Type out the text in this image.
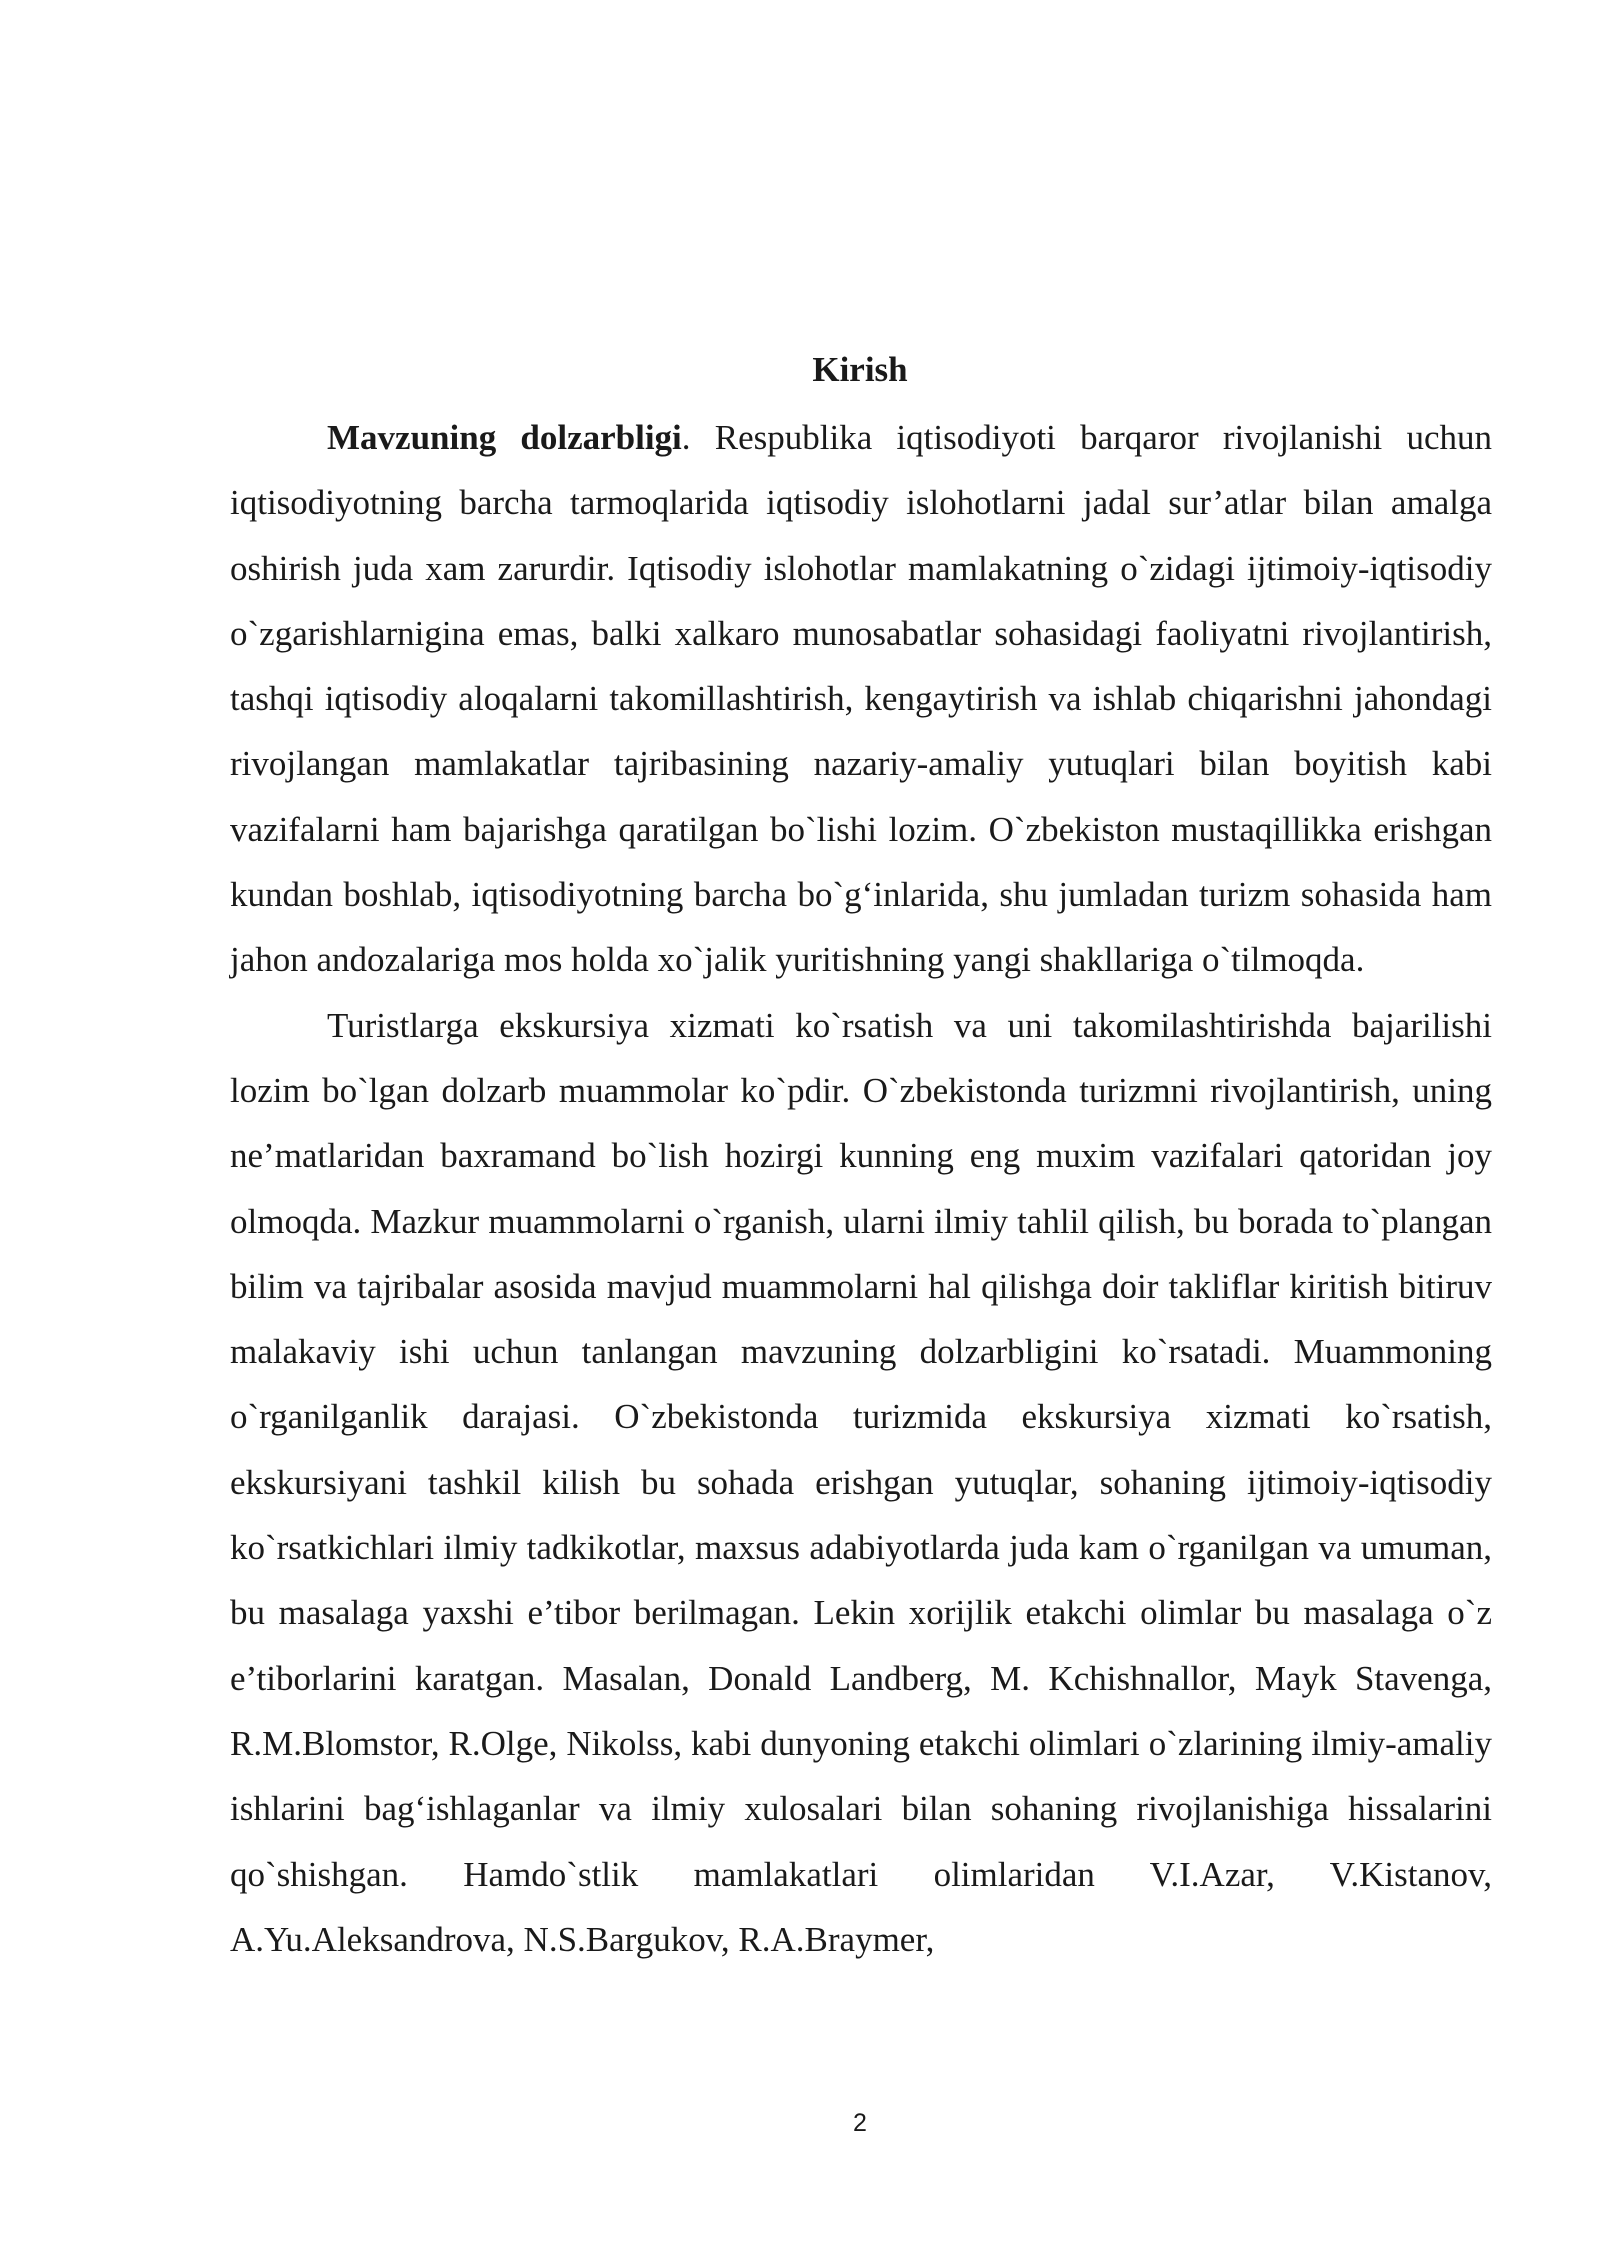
Kirish

Mavzuning dolzarbligi. Respublika iqtisodiyoti barqaror rivojlanishi uchun iqtisodiyotning barcha tarmoqlarida iqtisodiy islohotlarni jadal sur’atlar bilan amalga oshirish juda xam zarurdir. Iqtisodiy islohotlar mamlakatning o`zidagi ijtimoiy-iqtisodiy o`zgarishlarnigina emas, balki xalkaro munosabatlar sohasidagi faoliyatni rivojlantirish, tashqi iqtisodiy aloqalarni takomillashtirish, kengaytirish va ishlab chiqarishni jahondagi rivojlangan mamlakatlar tajribasining nazariy-amaliy yutuqlari bilan boyitish kabi vazifalarni ham bajarishga qaratilgan bo`lishi lozim. O`zbekiston mustaqillikka erishgan kundan boshlab, iqtisodiyotning barcha bo`g‘inlarida, shu jumladan turizm sohasida ham jahon andozalariga mos holda xo`jalik yuritishning yangi shakllariga o`tilmoqda.

Turistlarga ekskursiya xizmati ko`rsatish va uni takomilashtirishda bajarilishi lozim bo`lgan dolzarb muammolar ko`pdir. O`zbekistonda turizmni rivojlantirish, uning ne’matlaridan baxramand bo`lish hozirgi kunning eng muxim vazifalari qatoridan joy olmoqda. Mazkur muammolarni o`rganish, ularni ilmiy tahlil qilish, bu borada to`plangan bilim va tajribalar asosida mavjud muammolarni hal qilishga doir takliflar kiritish bitiruv malakaviy ishi uchun tanlangan mavzuning dolzarbligini ko`rsatadi. Muammoning o`rganilganlik darajasi. O`zbekistonda turizmida ekskursiya xizmati ko`rsatish, ekskursiyani tashkil kilish bu sohada erishgan yutuqlar, sohaning ijtimoiy-iqtisodiy ko`rsatkichlari ilmiy tadkikotlar, maxsus adabiyotlarda juda kam o`rganilgan va umuman, bu masalaga yaxshi e’tibor berilmagan. Lekin xorijlik etakchi olimlar bu masalaga o`z e’tiborlarini karatgan. Masalan, Donald Landberg, M. Kchishnallor, Mayk Stavenga, R.M.Blomstor, R.Olge, Nikolss, kabi dunyoning etakchi olimlari o`zlarining ilmiy-amaliy ishlarini bag‘ishlaganlar va ilmiy xulosalari bilan sohaning rivojlanishiga hissalarini qo`shishgan. Hamdo`stlik mamlakatlari olimlaridan V.I.Azar, V.Kistanov, A.Yu.Aleksandrova, N.S.Bargukov, R.A.Braymer,

2
